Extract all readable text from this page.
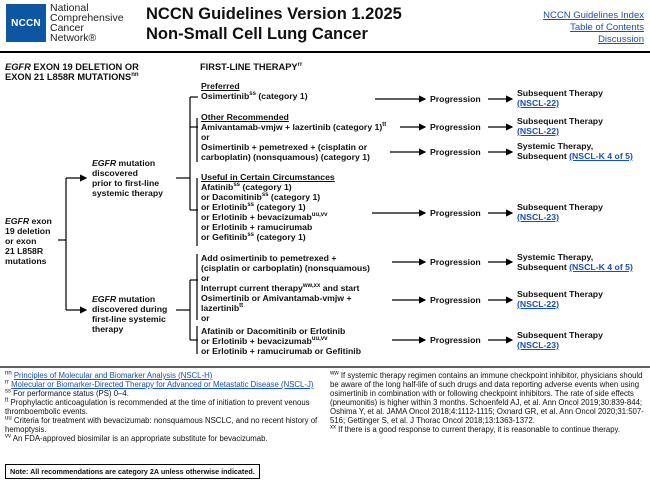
NCCN
National
Comprehensive
Cancer
Network®
NCCN Guidelines Version 1.2025
Non-Small Cell Lung Cancer
NCCN Guidelines Index
Table of Contents
Discussion
EGFR EXON 19 DELETION OR
EXON 21 L858R $MUTATIONS^{nn}$
FIRST-LINE $THERAPY^{rr}$
EGFR exon
19 deletion
or exon
21 L858R
mutations
EGFR mutation
discovered
prior to first-line
systemic therapy
EGFR mutation
discovered during
first-line systemic
therapy
Preferred
Osimertinib$^{ss}$ (category 1)
Other Recommended
Amivantamab-vmjw + lazertinib (category 1)$^{tt}$
or
Osimertinib + pemetrexed + (cisplatin or
carboplatin) (nonsquamous) (category 1)
Useful in Certain Circumstances
Afatinib$^{ss}$ (category 1)
or Dacomitinib$^{ss}$ (category 1)
or Erlotinib$^{ss}$ (category 1)
or Erlotinib + bevacizumab$^{uu,vv}$
or Erlotinib + ramucirumab
or Gefitinib$^{ss}$ (category 1)
Add osimertinib to pemetrexed +
(cisplatin or carboplatin) (nonsquamous)
or
Interrupt current therapy$^{ww,xx}$ and start
Osimertinib or Amivantamab-vmjw +
lazertinib$^{tt}$
or
Afatinib or Dacomitinib or Erlotinib
or Erlotinib + bevacizumab$^{uu,vv}$
or Erlotinib + ramucirumab or Gefitinib
Progression
Progression
Progression
Progression
Progression
Progression
Progression
Subsequent Therapy
(NSCL-22)
Subsequent Therapy
(NSCL-22)
Systemic Therapy,
Subsequent (NSCL-K 4 of 5)
Subsequent Therapy
(NSCL-23)
Systemic Therapy,
Subsequent (NSCL-K 4 of 5)
Subsequent Therapy
(NSCL-22)
Subsequent Therapy
(NSCL-23)
$^{nn}$ Principles of Molecular and Biomarker Analysis (NSCL-H)
$^{rr}$ Molecular or Biomarker-Directed Therapy for Advanced or Metastatic Disease (NSCL-J)
$^{ss}$ For performance status (PS) 0–4.
$^{tt}$ Prophylactic anticoagulation is recommended at the time of initiation to prevent venous thromboembolic events.
$^{uu}$ Criteria for treatment with bevacizumab: nonsquamous NSCLC, and no recent history of hemoptysis.
$^{vv}$ An FDA-approved biosimilar is an appropriate substitute for bevacizumab.
$^{ww}$ If systemic therapy regimen contains an immune checkpoint inhibitor, physicians should be aware of the long half-life of such drugs and data reporting adverse events when using osimertinib in combination with or following checkpoint inhibitors. The rate of side effects (pneumonitis) is higher within 3 months. Schoenfeld AJ, et al. Ann Oncol 2019;30:839-844; Oshima Y, et al. JAMA Oncol 2018;4:1112-1115; Oxnard GR, et al. Ann Oncol 2020;31:507-516; Gettinger S, et al. J Thorac Oncol 2018;13:1363-1372.
$^{xx}$ If there is a good response to current therapy, it is reasonable to continue therapy.
Note: All recommendations are category 2A unless otherwise indicated.
